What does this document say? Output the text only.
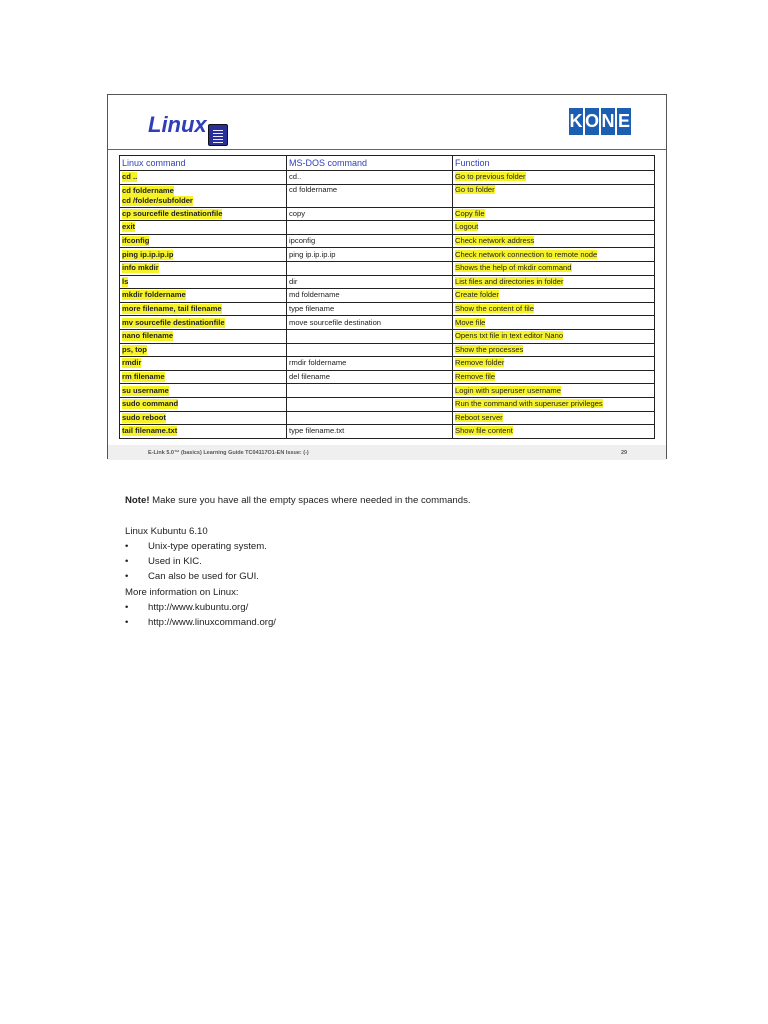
Linux	K O N E
Linux command	MS-DOS command	Function
cd ..	cd..	Go to previous folder
cd foldername
cd /folder/subfolder	cd foldername	Go to folder
cp sourcefile destinationfile	copy	Copy file
exit		Logout
ifconfig	ipconfig	Check network address
ping ip.ip.ip.ip	ping ip.ip.ip.ip	Check network connection to remote node
info mkdir		Shows the help of mkdir command
ls	dir	List files and directories in folder
mkdir foldername	md foldername	Create folder
more filename, tail filename	type filename	Show the content of file
mv sourcefile destinationfile	move sourcefile destination	Move file
nano filename		Opens txt file in text editor Nano
ps, top		Show the processes
rmdir	rmdir foldername	Remove folder
rm filename	del filename	Remove file
su username		Login with superuser username
sudo command		Run the command with superuser privileges
sudo reboot		Reboot server
tail filename.txt	type filename.txt	Show file content
E-Link 5.0™ (basics) Learning Guide TC04117O1-EN Issue: (-)	29

Note! Make sure you have all the empty spaces where needed in the commands.

Linux Kubuntu 6.10

• Unix-type operating system.

• Used in KIC.

• Can also be used for GUI.

More information on Linux:

• http://www.kubuntu.org/

• http://www.linuxcommand.org/
